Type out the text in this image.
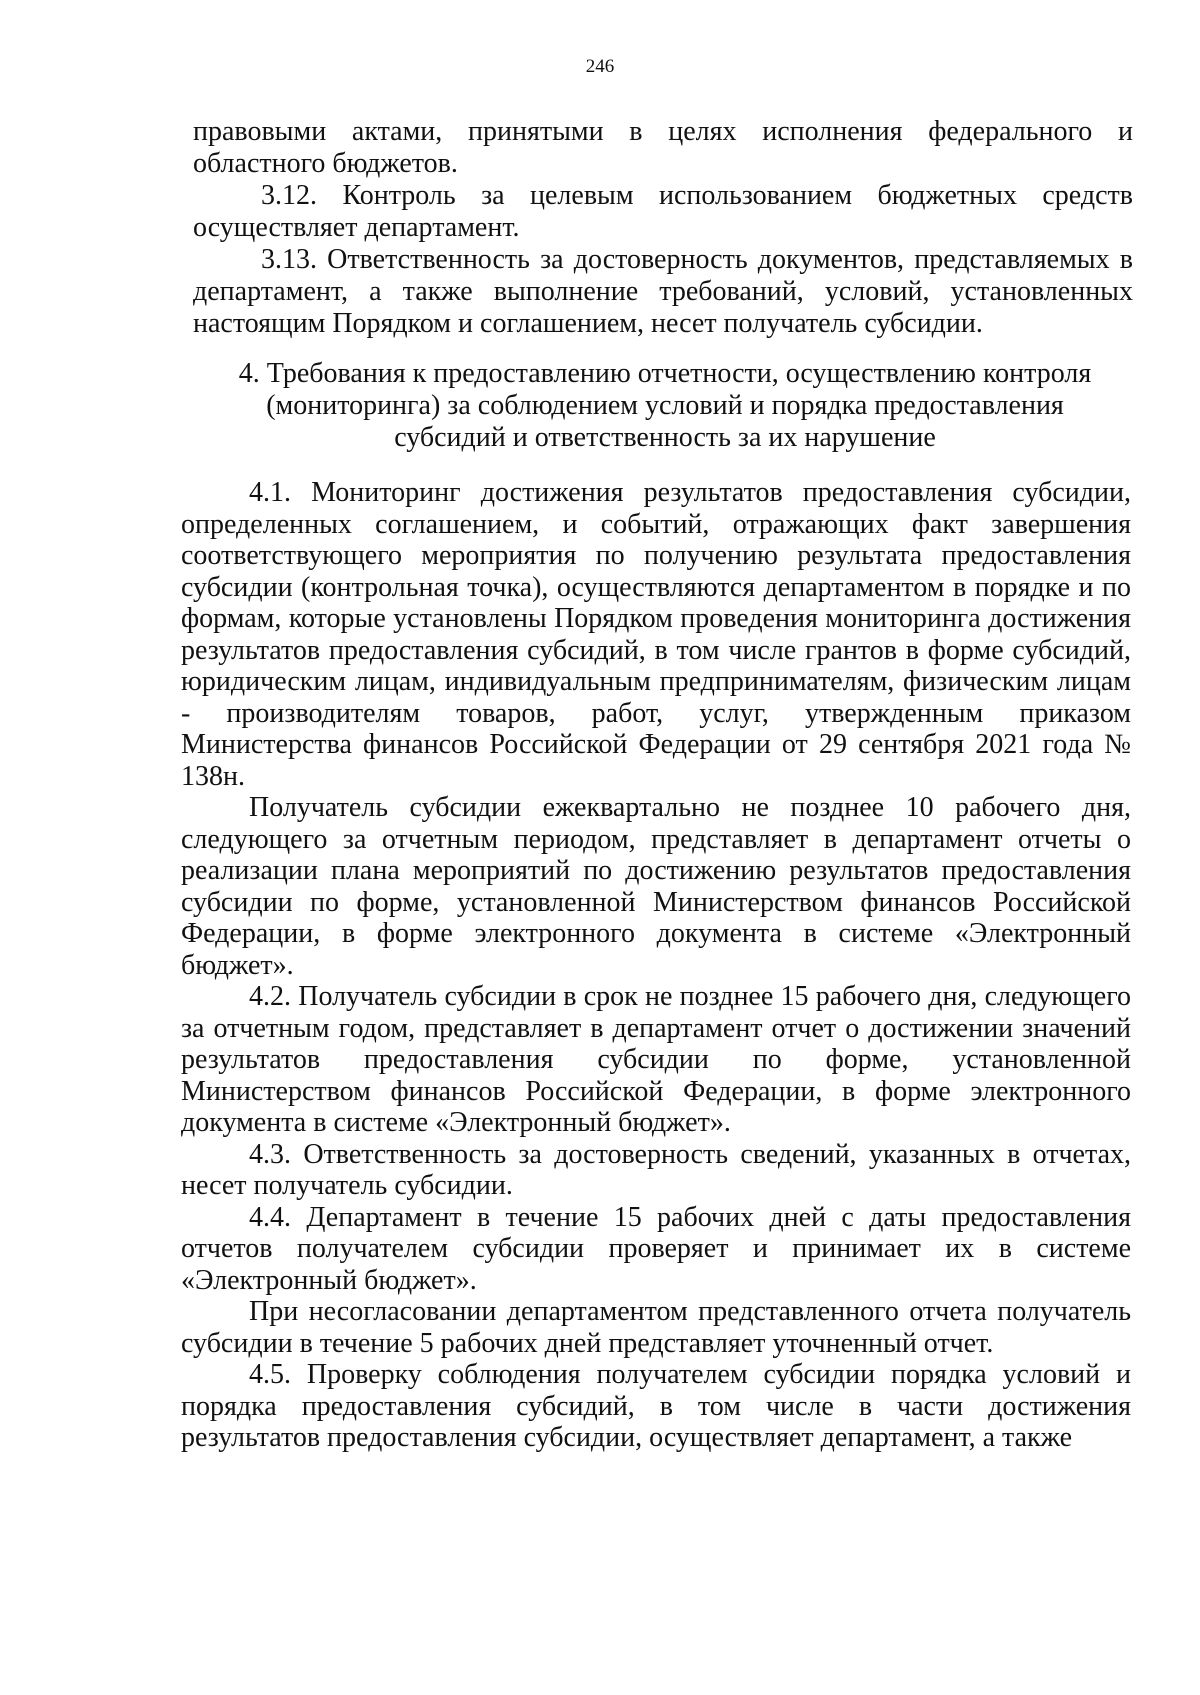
246

правовыми актами, принятыми в целях исполнения федерального и областного бюджетов.

3.12. Контроль за целевым использованием бюджетных средств осуществляет департамент.

3.13. Ответственность за достоверность документов, представляемых в департамент, а также выполнение требований, условий, установленных настоящим Порядком и соглашением, несет получатель субсидии.

4. Требования к предоставлению отчетности, осуществлению контроля
(мониторинга) за соблюдением условий и порядка предоставления
субсидий и ответственность за их нарушение

4.1. Мониторинг достижения результатов предоставления субсидии, определенных соглашением, и событий, отражающих факт завершения соответствующего мероприятия по получению результата предоставления субсидии (контрольная точка), осуществляются департаментом в порядке и по формам, которые установлены Порядком проведения мониторинга достижения результатов предоставления субсидий, в том числе грантов в форме субсидий, юридическим лицам, индивидуальным предпринимателям, физическим лицам - производителям товаров, работ, услуг, утвержденным приказом Министерства финансов Российской Федерации от 29 сентября 2021 года № 138н.

Получатель субсидии ежеквартально не позднее 10 рабочего дня, следующего за отчетным периодом, представляет в департамент отчеты о реализации плана мероприятий по достижению результатов предоставления субсидии по форме, установленной Министерством финансов Российской Федерации, в форме электронного документа в системе «Электронный бюджет».

4.2. Получатель субсидии в срок не позднее 15 рабочего дня, следующего за отчетным годом, представляет в департамент отчет о достижении значений результатов предоставления субсидии по форме, установленной Министерством финансов Российской Федерации, в форме электронного документа в системе «Электронный бюджет».

4.3. Ответственность за достоверность сведений, указанных в отчетах, несет получатель субсидии.

4.4. Департамент в течение 15 рабочих дней с даты предоставления отчетов получателем субсидии проверяет и принимает их в системе «Электронный бюджет».

При несогласовании департаментом представленного отчета получатель субсидии в течение 5 рабочих дней представляет уточненный отчет.

4.5. Проверку соблюдения получателем субсидии порядка условий и порядка предоставления субсидий, в том числе в части достижения результатов предоставления субсидии, осуществляет департамент, а также
